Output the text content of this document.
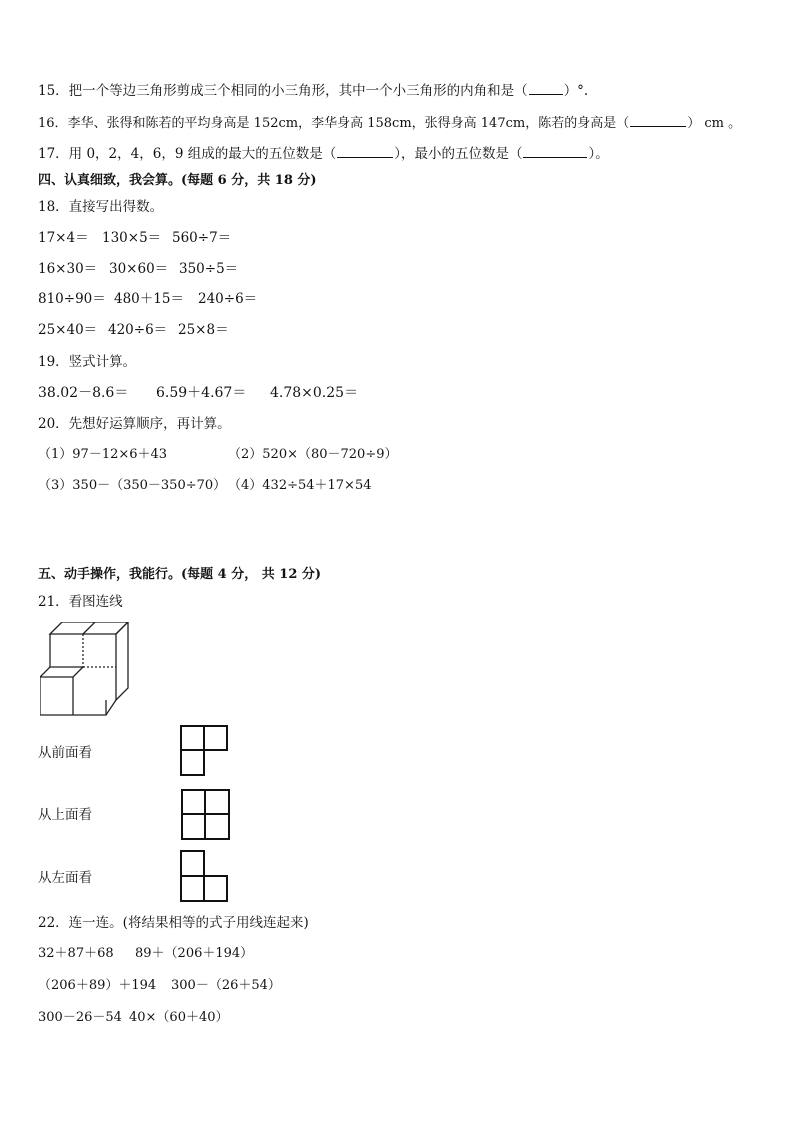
15．把一个等边三角形剪成三个相同的小三角形，其中一个小三角形的内角和是（	）°.
16．李华、张得和陈若的平均身高是 152cm，李华身高 158cm，张得身高 147cm，陈若的身高是（	） cm 。
17．用 0，2，4，6，9 组成的最大的五位数是（	），最小的五位数是（	）。
四、认真细致，我会算。(每题 6 分，共 18 分)
18．直接写出得数。
17×4＝ 130×5＝ 560÷7＝
16×30＝ 30×60＝ 350÷5＝
810÷90＝ 480＋15＝ 240÷6＝
25×40＝ 420÷6＝ 25×8＝
19．竖式计算。
38.02－8.6＝ 6.59＋4.67＝ 4.78×0.25＝
20．先想好运算顺序，再计算。
（1）97－12×6＋43	（2）520×（80－720÷9）
（3）350－（350－350÷70） （4）432÷54＋17×54
五、动手操作，我能行。(每题 4 分， 共 12 分)
21．看图连线
从前面看
从上面看
从左面看
22．连一连。(将结果相等的式子用线连起来)
32＋87＋68 89＋（206＋194）
（206＋89）＋194 300－（26＋54）
300－26－54 40×（60＋40）
